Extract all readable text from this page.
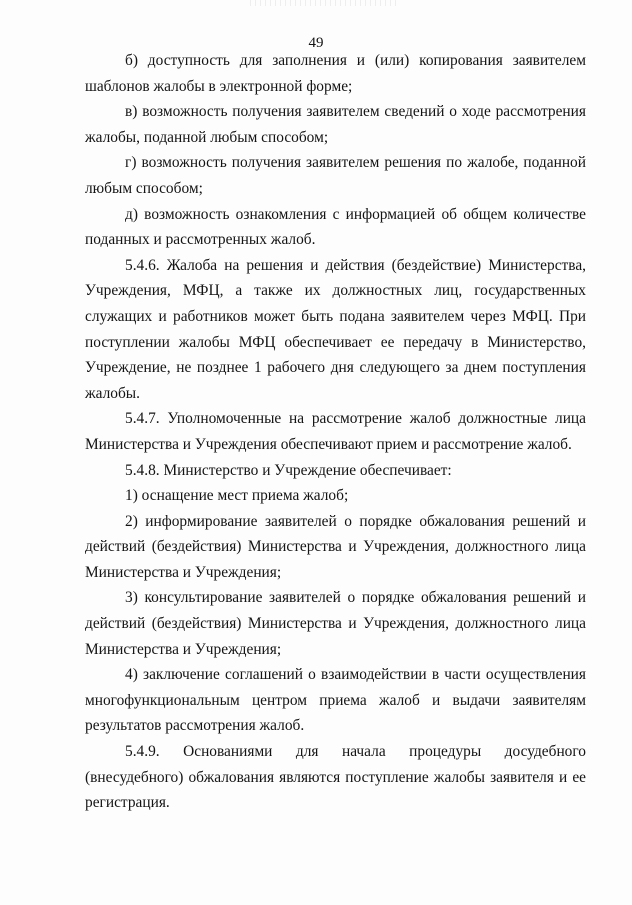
49

б) доступность для заполнения и (или) копирования заявителем шаблонов жалобы в электронной форме;

в) возможность получения заявителем сведений о ходе рассмотрения жалобы, поданной любым способом;

г) возможность получения заявителем решения по жалобе, поданной любым способом;

д) возможность ознакомления с информацией об общем количестве поданных и рассмотренных жалоб.

5.4.6. Жалоба на решения и действия (бездействие) Министерства, Учреждения, МФЦ, а также их должностных лиц, государственных служащих и работников может быть подана заявителем через МФЦ. При поступлении жалобы МФЦ обеспечивает ее передачу в Министерство, Учреждение, не позднее 1 рабочего дня следующего за днем поступления жалобы.

5.4.7. Уполномоченные на рассмотрение жалоб должностные лица Министерства и Учреждения обеспечивают прием и рассмотрение жалоб.

5.4.8. Министерство и Учреждение обеспечивает:

1) оснащение мест приема жалоб;

2) информирование заявителей о порядке обжалования решений и действий (бездействия) Министерства и Учреждения, должностного лица Министерства и Учреждения;

3) консультирование заявителей о порядке обжалования решений и действий (бездействия) Министерства и Учреждения, должностного лица Министерства и Учреждения;

4) заключение соглашений о взаимодействии в части осуществления многофункциональным центром приема жалоб и выдачи заявителям результатов рассмотрения жалоб.

5.4.9. Основаниями для начала процедуры досудебного (внесудебного) обжалования являются поступление жалобы заявителя и ее регистрация.
